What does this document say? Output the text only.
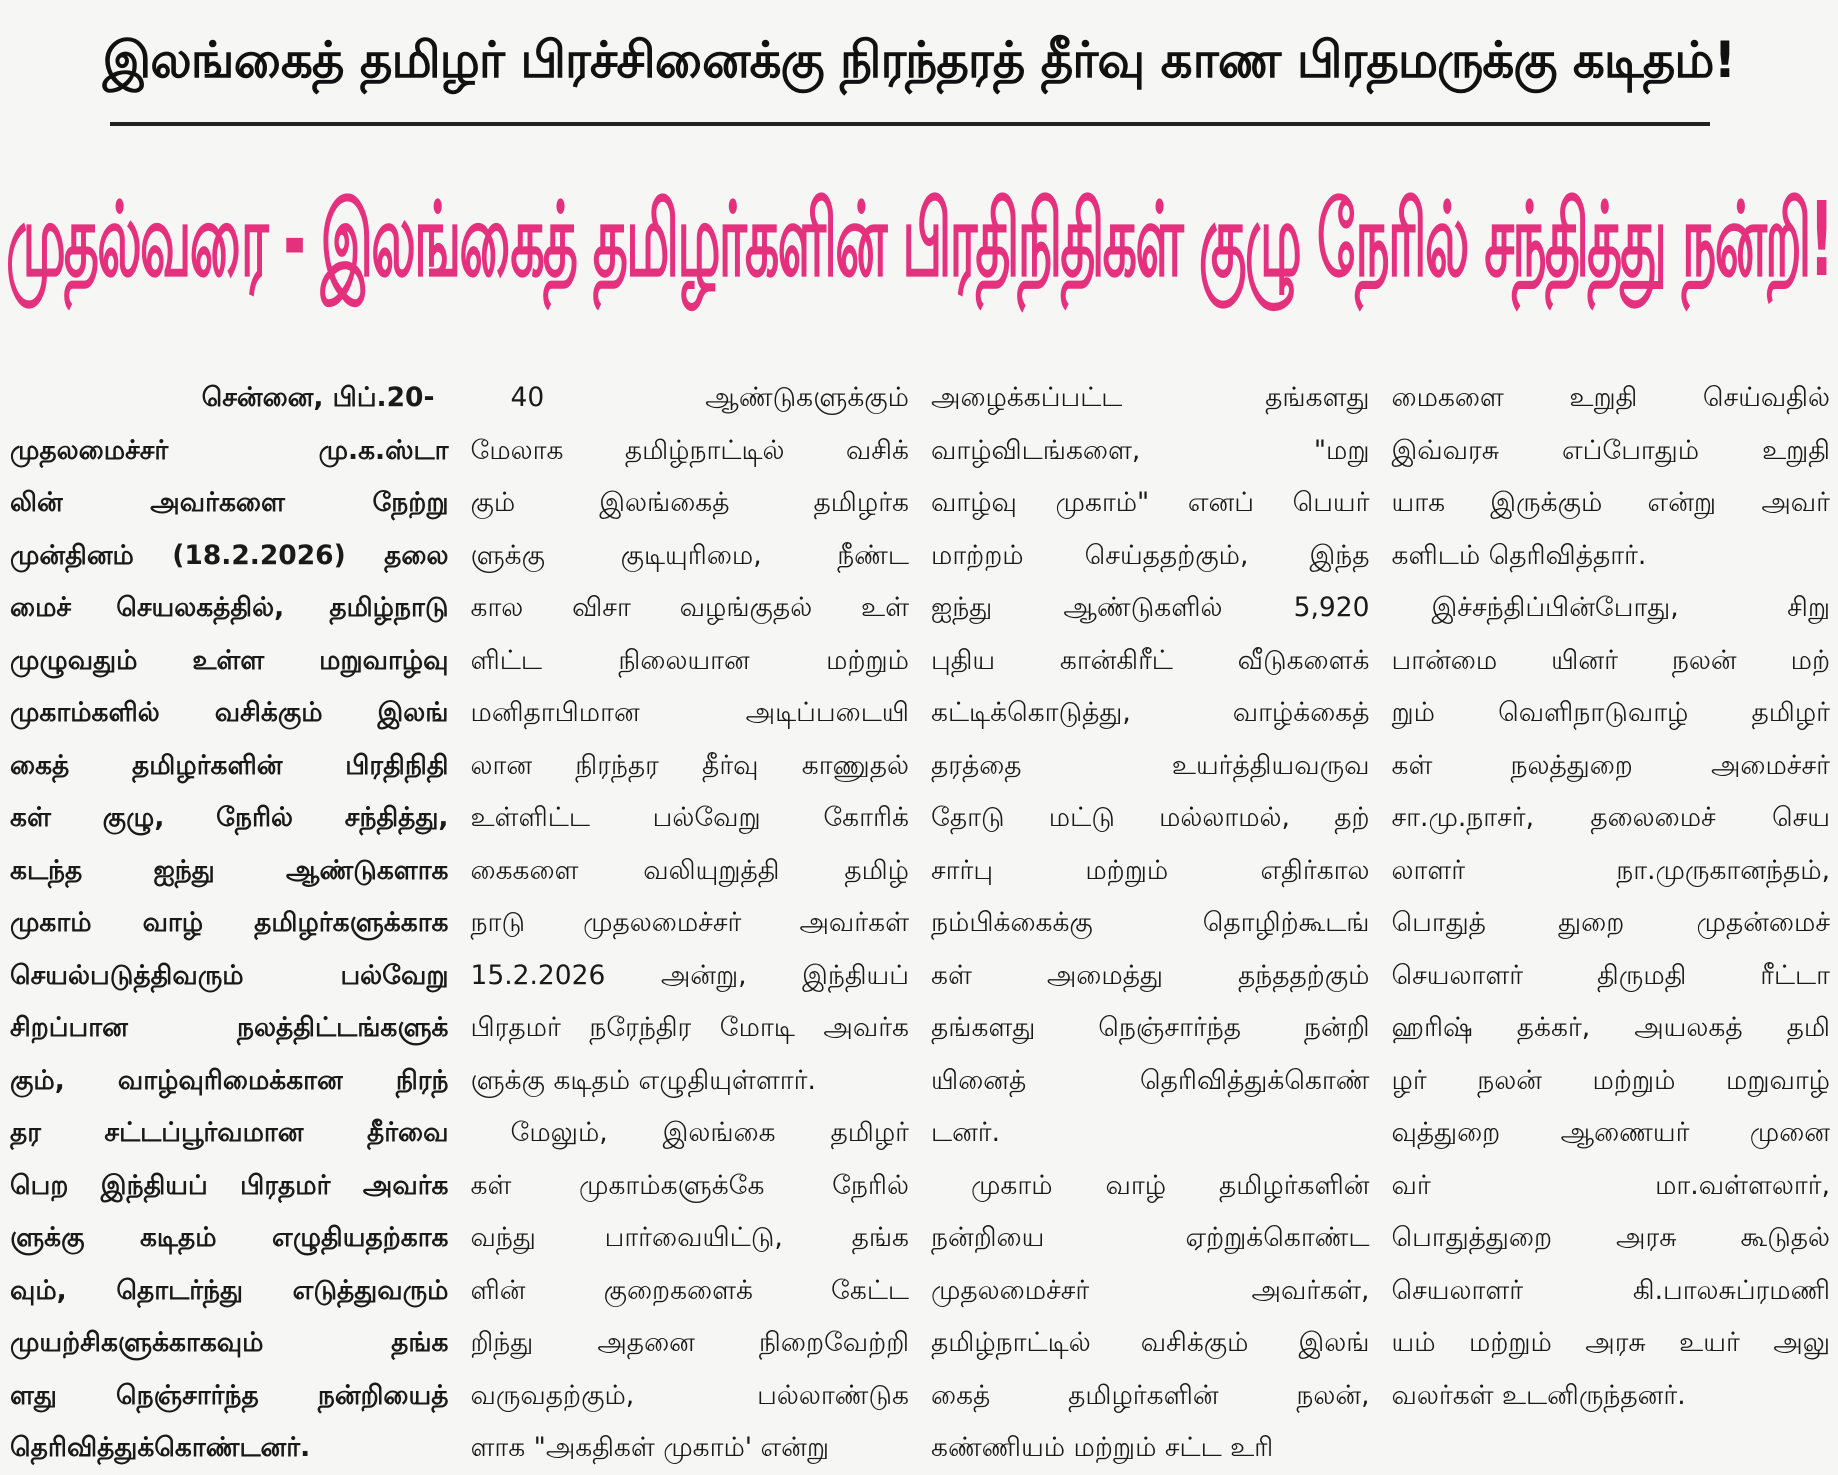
இலங்கைத் தமிழர் பிரச்சினைக்கு நிரந்தரத் தீர்வு காண பிரதமருக்கு கடிதம்!
முதல்வரை - இலங்கைத் தமிழர்களின் பிரதிநிதிகள் குழு நேரில் சந்தித்து நன்றி!

சென்னை, பிப்.20-

முதலமைச்சர் மு.க.ஸ்டா

லின் அவர்களை நேற்று

முன்தினம் (18.2.2026) தலை

மைச் செயலகத்தில், தமிழ்நாடு

முழுவதும் உள்ள மறுவாழ்வு

முகாம்களில் வசிக்கும் இலங்

கைத் தமிழர்களின் பிரதிநிதி

கள் குழு, நேரில் சந்தித்து,

கடந்த ஐந்து ஆண்டுகளாக

முகாம் வாழ் தமிழர்களுக்காக

செயல்படுத்திவரும் பல்வேறு

சிறப்பான நலத்திட்டங்களுக்

கும், வாழ்வுரிமைக்கான நிரந்

தர சட்டப்பூர்வமான தீர்வை

பெற இந்தியப் பிரதமர் அவர்க

ளுக்கு கடிதம் எழுதியதற்காக

வும், தொடர்ந்து எடுத்துவரும்

முயற்சிகளுக்காகவும் தங்க

ளது நெஞ்சார்ந்த நன்றியைத்

தெரிவித்துக்கொண்டனர்.

40 ஆண்டுகளுக்கும்

மேலாக தமிழ்நாட்டில் வசிக்

கும் இலங்கைத் தமிழர்க

ளுக்கு குடியுரிமை, நீண்ட

கால விசா வழங்குதல் உள்

ளிட்ட நிலையான மற்றும்

மனிதாபிமான அடிப்படையி

லான நிரந்தர தீர்வு காணுதல்

உள்ளிட்ட பல்வேறு கோரிக்

கைகளை வலியுறுத்தி தமிழ்

நாடு முதலமைச்சர் அவர்கள்

15.2.2026 அன்று, இந்தியப்

பிரதமர் நரேந்திர மோடி அவர்க

ளுக்கு கடிதம் எழுதியுள்ளார்.

மேலும், இலங்கை தமிழர்

கள் முகாம்களுக்கே நேரில்

வந்து பார்வையிட்டு, தங்க

ளின் குறைகளைக் கேட்ட

றிந்து அதனை நிறைவேற்றி

வருவதற்கும், பல்லாண்டுக

ளாக "அகதிகள் முகாம்' என்று

அழைக்கப்பட்ட தங்களது

வாழ்விடங்களை, "மறு

வாழ்வு முகாம்" எனப் பெயர்

மாற்றம் செய்ததற்கும், இந்த

ஐந்து ஆண்டுகளில் 5,920

புதிய கான்கிரீட் வீடுகளைக்

கட்டிக்கொடுத்து, வாழ்க்கைத்

தரத்தை உயர்த்தியவருவ

தோடு மட்டு மல்லாமல், தற்

சார்பு மற்றும் எதிர்கால

நம்பிக்கைக்கு தொழிற்கூடங்

கள் அமைத்து தந்ததற்கும்

தங்களது நெஞ்சார்ந்த நன்றி

யினைத் தெரிவித்துக்கொண்

டனர்.

முகாம் வாழ் தமிழர்களின்

நன்றியை ஏற்றுக்கொண்ட

முதலமைச்சர் அவர்கள்,

தமிழ்நாட்டில் வசிக்கும் இலங்

கைத் தமிழர்களின் நலன்,

கண்ணியம் மற்றும் சட்ட உரி

மைகளை உறுதி செய்வதில்

இவ்வரசு எப்போதும் உறுதி

யாக இருக்கும் என்று அவர்

களிடம் தெரிவித்தார்.

இச்சந்திப்பின்போது, சிறு

பான்மை யினர் நலன் மற்

றும் வெளிநாடுவாழ் தமிழர்

கள் நலத்துறை அமைச்சர்

சா.மு.நாசர், தலைமைச் செய

லாளர் நா.முருகானந்தம்,

பொதுத் துறை முதன்மைச்

செயலாளர் திருமதி ரீட்டா

ஹரிஷ் தக்கர், அயலகத் தமி

ழர் நலன் மற்றும் மறுவாழ்

வுத்துறை ஆணையர் முனை

வர் மா.வள்ளலார்,

பொதுத்துறை அரசு கூடுதல்

செயலாளர் கி.பாலசுப்ரமணி

யம் மற்றும் அரசு உயர் அலு

வலர்கள் உடனிருந்தனர்.
